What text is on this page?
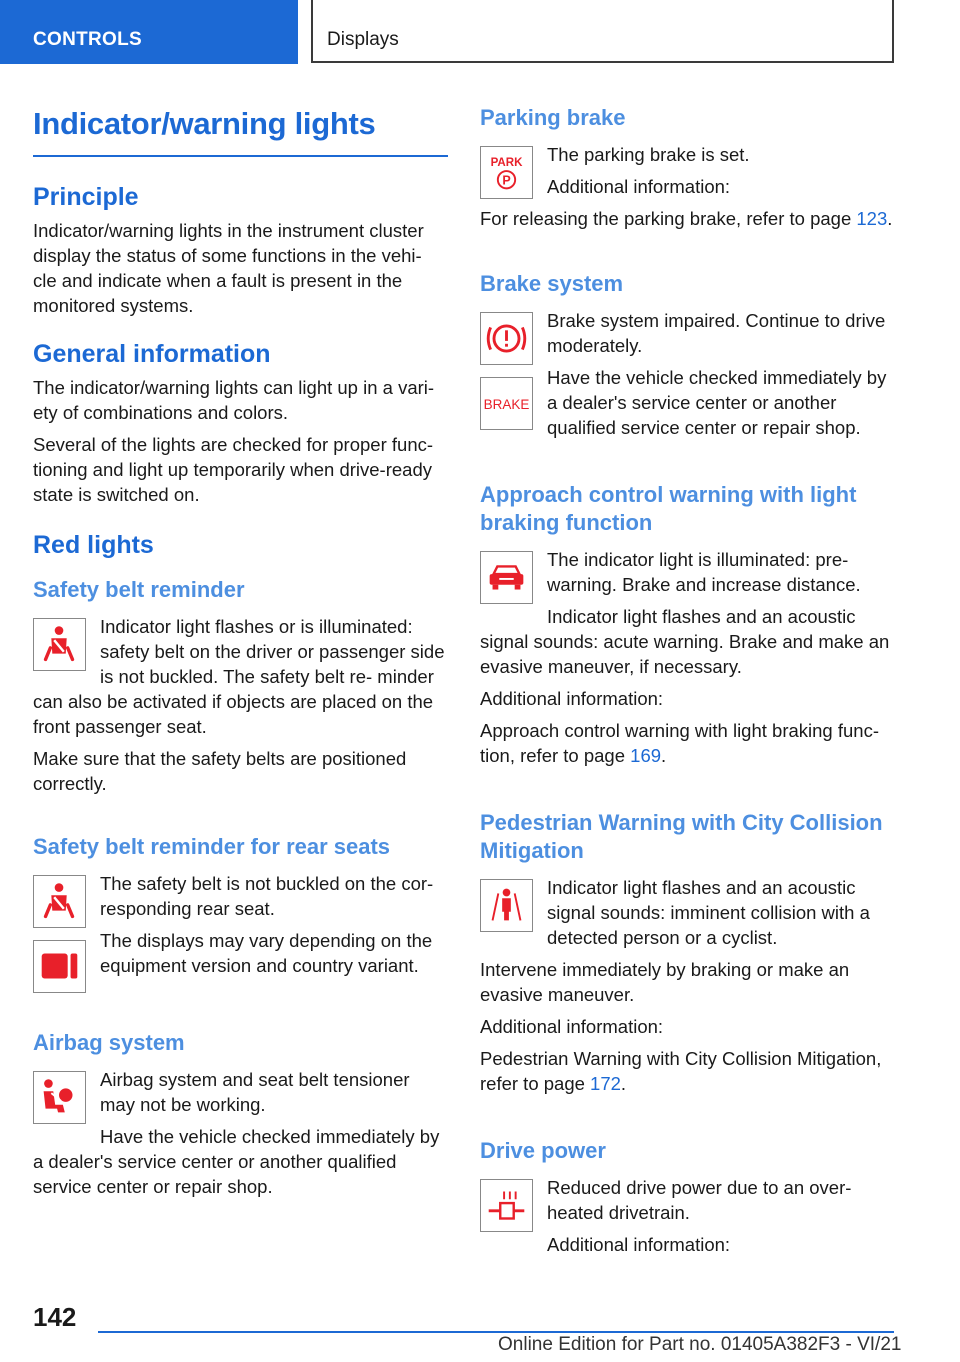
CONTROLS	Displays
Indicator/warning lights
Principle

Indicator/warning lights in the instrument cluster display the status of some functions in the vehi- cle and indicate when a fault is present in the monitored systems.

General information

The indicator/warning lights can light up in a vari- ety of combinations and colors.

Several of the lights are checked for proper func- tioning and light up temporarily when drive-ready state is switched on.

Red lights
Safety belt reminder

Indicator light flashes or is illuminated: safety belt on the driver or passenger side is not buckled. The safety belt re- minder can also be activated if objects are placed on the front passenger seat.

Make sure that the safety belts are positioned correctly.

Safety belt reminder for rear seats

The safety belt is not buckled on the cor- responding rear seat.

The displays may vary depending on the equipment version and country variant.

Airbag system

Airbag system and seat belt tensioner may not be working.

Have the vehicle checked immediately by a dealer's service center or another qualified service center or repair shop.

Parking brake
PARK
P

The parking brake is set.

Additional information:

For releasing the parking brake, refer to page 123.

Brake system
BRAKE

Brake system impaired. Continue to drive moderately.

Have the vehicle checked immediately by a dealer's service center or another qualified service center or repair shop.

Approach control warning with light braking function

The indicator light is illuminated: pre- warning. Brake and increase distance.

Indicator light flashes and an acoustic signal sounds: acute warning. Brake and make an evasive maneuver, if necessary.

Additional information:

Approach control warning with light braking func- tion, refer to page 169.

Pedestrian Warning with City Collision Mitigation

Indicator light flashes and an acoustic signal sounds: imminent collision with a detected person or a cyclist.

Intervene immediately by braking or make an evasive maneuver.

Additional information:

Pedestrian Warning with City Collision Mitigation, refer to page 172.

Drive power

Reduced drive power due to an over- heated drivetrain.

Additional information:

142
Online Edition for Part no. 01405A382F3 - VI/21
